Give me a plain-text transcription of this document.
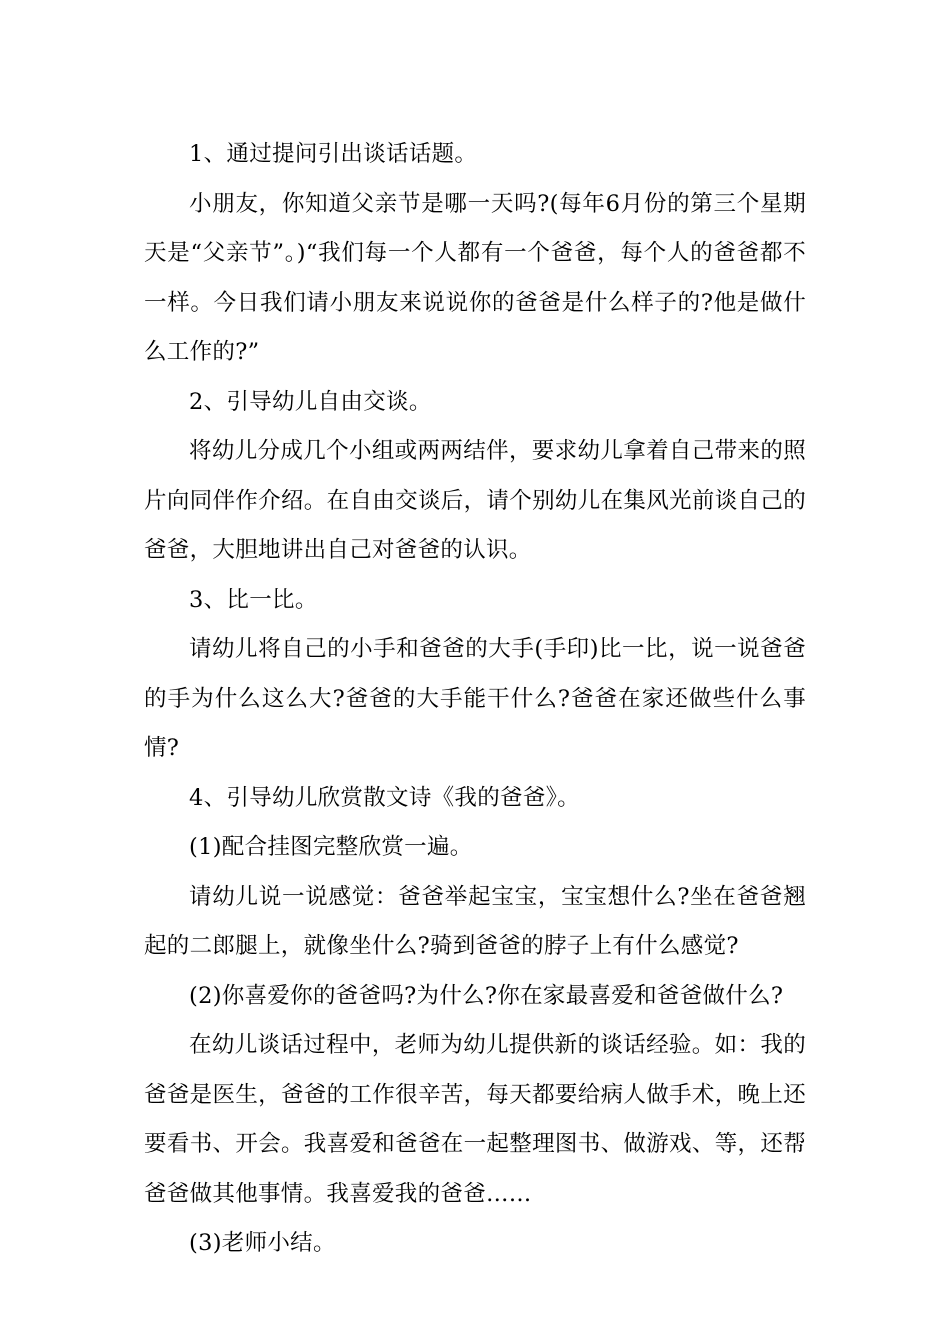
1、通过提问引出谈话话题。

小朋友，你知道父亲节是哪一天吗?(每年6月份的第三个星期天是“父亲节”。)“我们每一个人都有一个爸爸，每个人的爸爸都不一样。今日我们请小朋友来说说你的爸爸是什么样子的?他是做什么工作的?”

2、引导幼儿自由交谈。

将幼儿分成几个小组或两两结伴，要求幼儿拿着自己带来的照片向同伴作介绍。在自由交谈后，请个别幼儿在集风光前谈自己的爸爸，大胆地讲出自己对爸爸的认识。

3、比一比。

请幼儿将自己的小手和爸爸的大手(手印)比一比，说一说爸爸的手为什么这么大?爸爸的大手能干什么?爸爸在家还做些什么事情?

4、引导幼儿欣赏散文诗《我的爸爸》。

(1)配合挂图完整欣赏一遍。

请幼儿说一说感觉：爸爸举起宝宝，宝宝想什么?坐在爸爸翘起的二郎腿上，就像坐什么?骑到爸爸的脖子上有什么感觉?

(2)你喜爱你的爸爸吗?为什么?你在家最喜爱和爸爸做什么?

在幼儿谈话过程中，老师为幼儿提供新的谈话经验。如：我的爸爸是医生，爸爸的工作很辛苦，每天都要给病人做手术，晚上还要看书、开会。我喜爱和爸爸在一起整理图书、做游戏、等，还帮爸爸做其他事情。我喜爱我的爸爸……

(3)老师小结。
